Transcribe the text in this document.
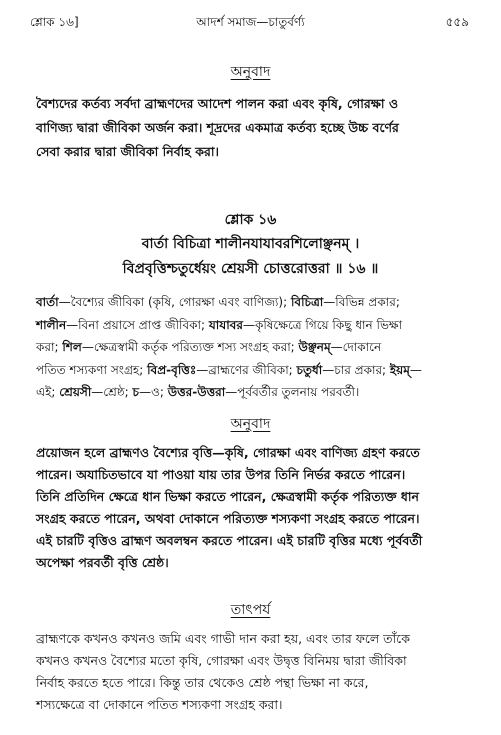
শ্লোক ১৬]	আদর্শ সমাজ—চাতুর্বর্ণ্য	৫৫৯
অনুবাদ
বৈশ্যদের কর্তব্য সর্বদা ব্রাহ্মণদের আদেশ পালন করা এবং কৃষি, গোরক্ষা ও
বাণিজ্য দ্বারা জীবিকা অর্জন করা। শূদ্রদের একমাত্র কর্তব্য হচ্ছে উচ্চ বর্ণের
সেবা করার দ্বারা জীবিকা নির্বাহ করা।
শ্লোক ১৬
বার্তা বিচিত্রা শালীনযাযাবরশিলোঞ্ছনম্ ।
বিপ্রবৃত্তিশ্চতুর্ধেয়ং শ্রেয়সী চোত্তরোত্তরা ॥ ১৬ ॥
বার্তা—বৈশ্যের জীবিকা (কৃষি, গোরক্ষা এবং বাণিজ্য); বিচিত্রা—বিভিন্ন প্রকার;
শালীন—বিনা প্রয়াসে প্রাপ্ত জীবিকা; যাযাবর—কৃষিক্ষেত্রে গিয়ে কিছু ধান ভিক্ষা
করা; শিল—ক্ষেত্রস্বামী কর্তৃক পরিত্যক্ত শস্য সংগ্রহ করা; উঞ্ছনম্—দোকানে
পতিত শস্যকণা সংগ্রহ; বিপ্র-বৃত্তিঃ—ব্রাহ্মণের জীবিকা; চতুর্ধা—চার প্রকার; ইয়ম্—
এই; শ্রেয়সী—শ্রেষ্ঠ; চ—ও; উত্তর-উত্তরা—পূর্ববর্তীর তুলনায় পরবর্তী।
অনুবাদ
প্রয়োজন হলে ব্রাহ্মণও বৈশ্যের বৃত্তি—কৃষি, গোরক্ষা এবং বাণিজ্য গ্রহণ করতে
পারেন। অযাচিতভাবে যা পাওয়া যায় তার উপর তিনি নির্ভর করতে পারেন।
তিনি প্রতিদিন ক্ষেত্রে ধান ভিক্ষা করতে পারেন, ক্ষেত্রস্বামী কর্তৃক পরিত্যক্ত ধান
সংগ্রহ করতে পারেন, অথবা দোকানে পরিত্যক্ত শস্যকণা সংগ্রহ করতে পারেন।
এই চারটি বৃত্তিও ব্রাহ্মণ অবলম্বন করতে পারেন। এই চারটি বৃত্তির মধ্যে পূর্ববর্তী
অপেক্ষা পরবর্তী বৃত্তি শ্রেষ্ঠ।
তাৎপর্য
ব্রাহ্মণকে কখনও কখনও জমি এবং গাভী দান করা হয়, এবং তার ফলে তাঁকে
কখনও কখনও বৈশ্যের মতো কৃষি, গোরক্ষা এবং উদ্বৃত্ত বিনিময় দ্বারা জীবিকা
নির্বাহ করতে হতে পারে। কিন্তু তার থেকেও শ্রেষ্ঠ পন্থা ভিক্ষা না করে,
শস্যক্ষেত্রে বা দোকানে পতিত শস্যকণা সংগ্রহ করা।
